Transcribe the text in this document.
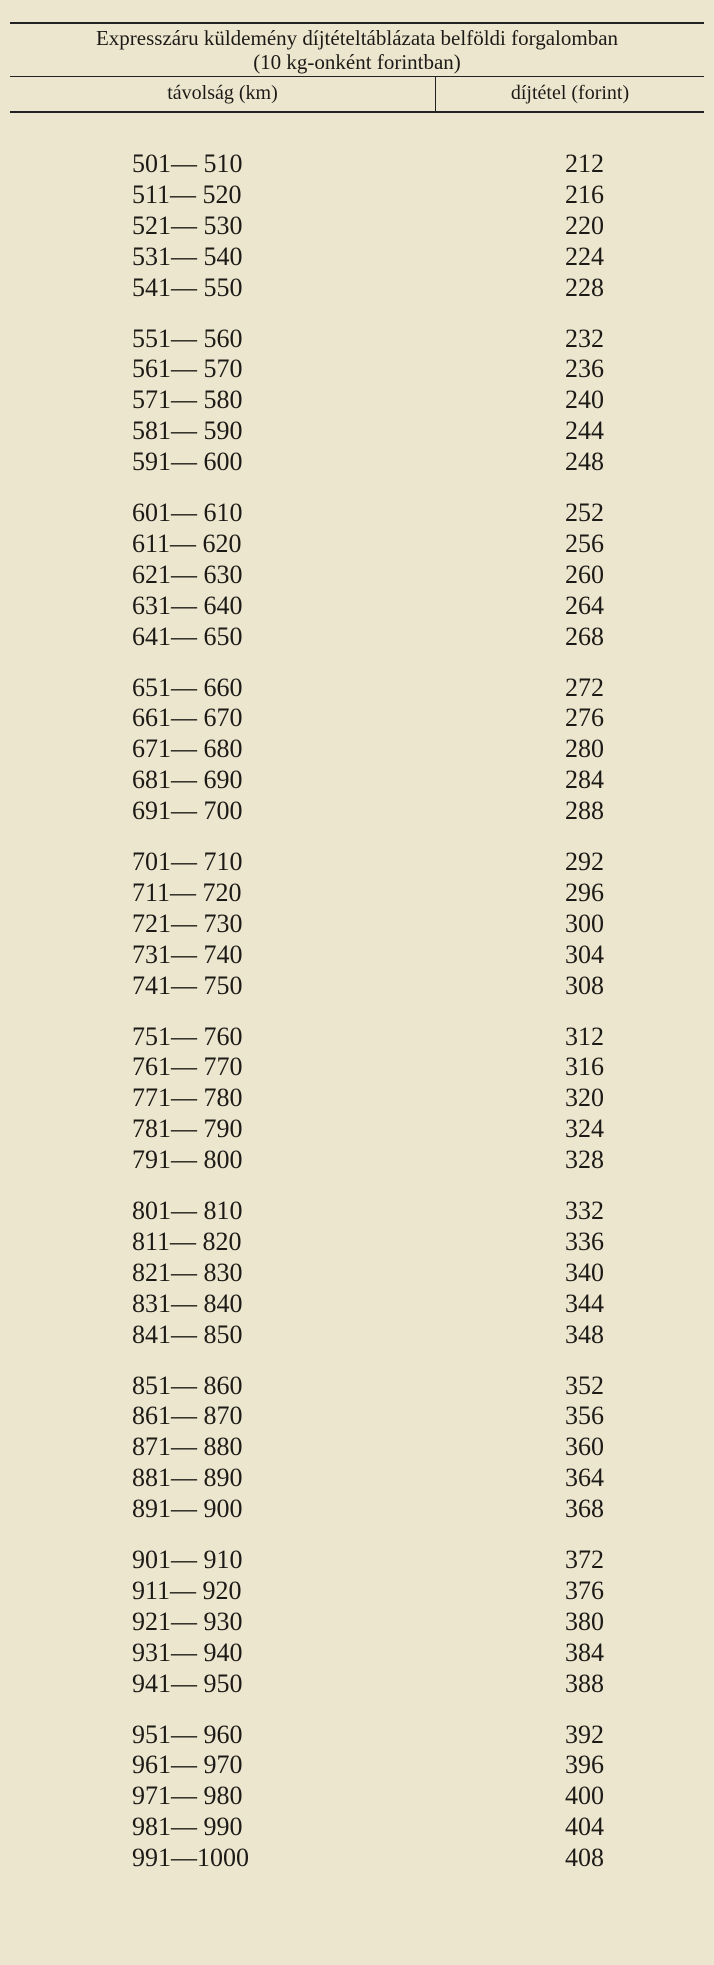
Expresszáru küldemény díjtételtáblázata belföldi forgalomban
(10 kg-onként forintban)
távolság (km)	díjtétel (forint)
501— 510	212
511— 520	216
521— 530	220
531— 540	224
541— 550	228
551— 560	232
561— 570	236
571— 580	240
581— 590	244
591— 600	248
601— 610	252
611— 620	256
621— 630	260
631— 640	264
641— 650	268
651— 660	272
661— 670	276
671— 680	280
681— 690	284
691— 700	288
701— 710	292
711— 720	296
721— 730	300
731— 740	304
741— 750	308
751— 760	312
761— 770	316
771— 780	320
781— 790	324
791— 800	328
801— 810	332
811— 820	336
821— 830	340
831— 840	344
841— 850	348
851— 860	352
861— 870	356
871— 880	360
881— 890	364
891— 900	368
901— 910	372
911— 920	376
921— 930	380
931— 940	384
941— 950	388
951— 960	392
961— 970	396
971— 980	400
981— 990	404
991—1000	408
